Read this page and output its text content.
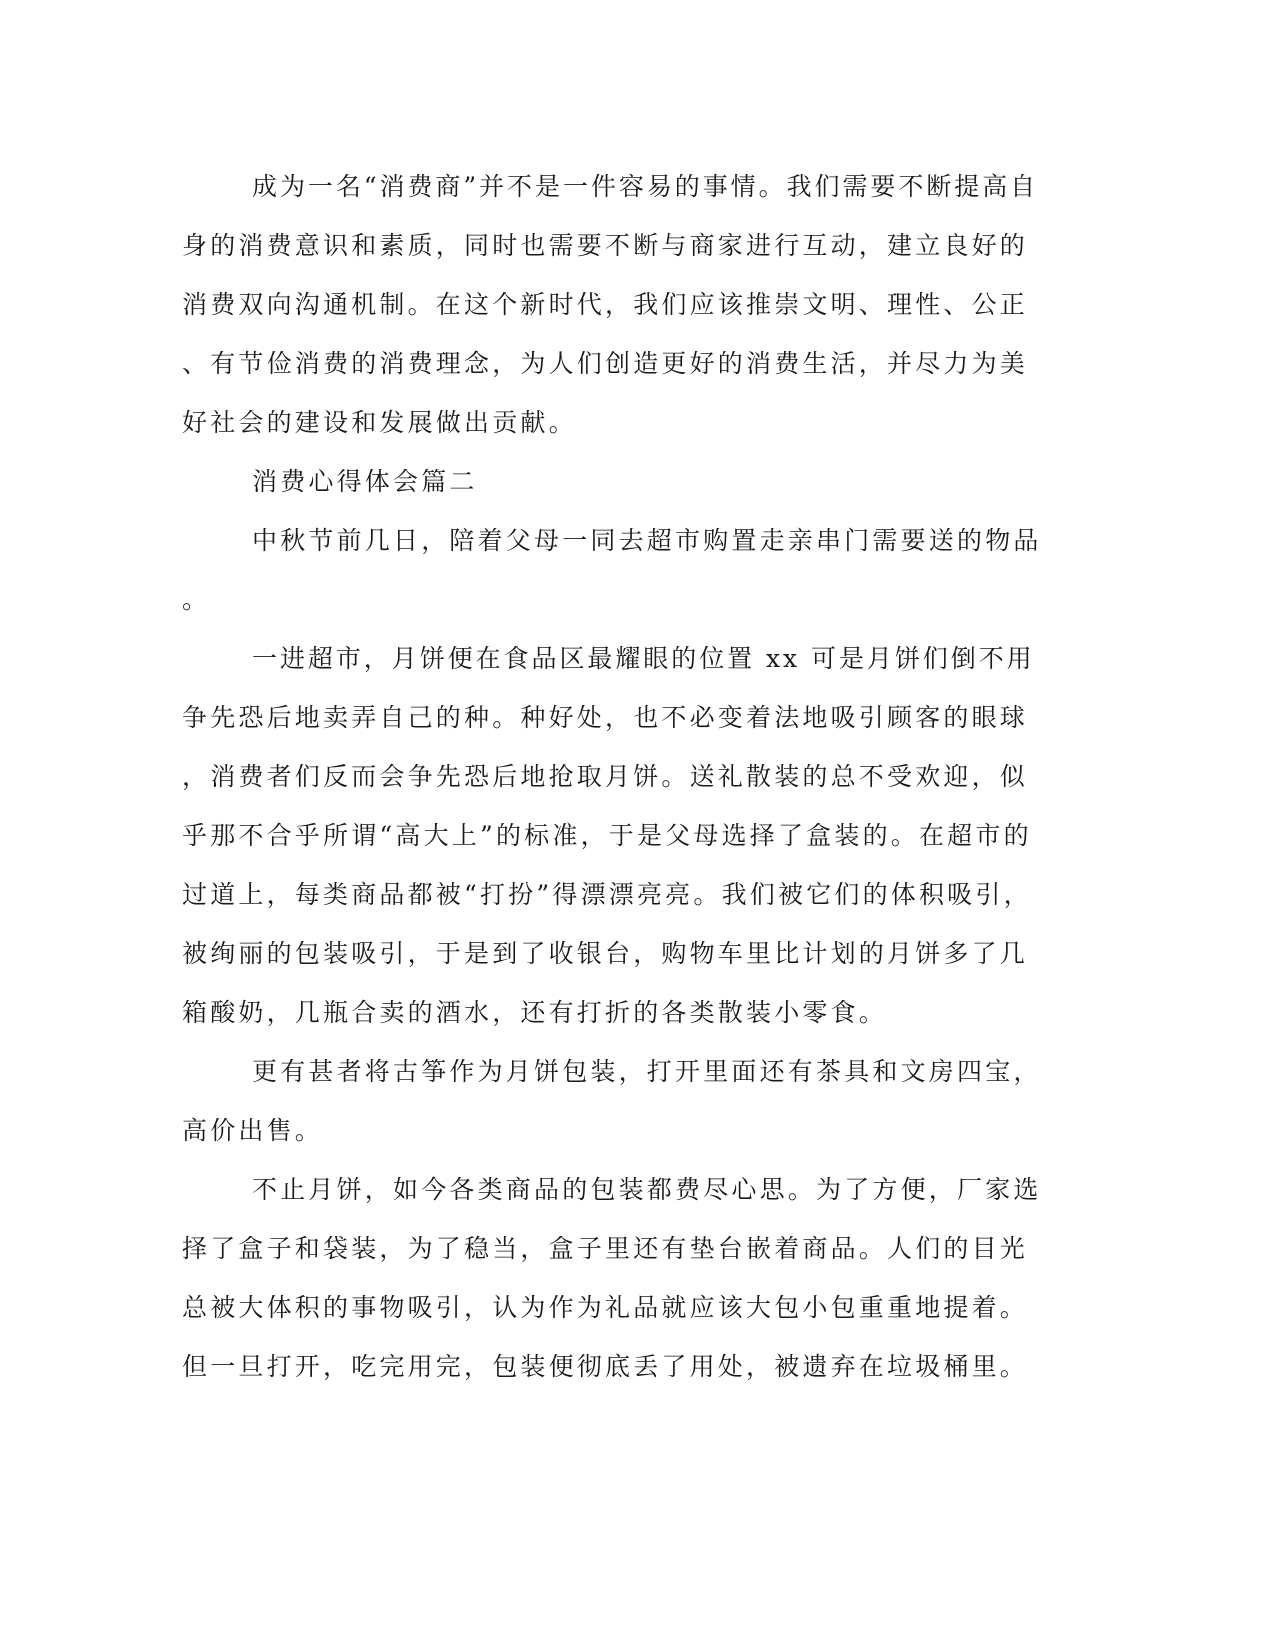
成为一名“消费商”并不是一件容易的事情。我们需要不断提高自
身的消费意识和素质，同时也需要不断与商家进行互动，建立良好的
消费双向沟通机制。在这个新时代，我们应该推崇文明、理性、公正
、有节俭消费的消费理念，为人们创造更好的消费生活，并尽力为美
好社会的建设和发展做出贡献。
消费心得体会篇二
中秋节前几日，陪着父母一同去超市购置走亲串门需要送的物品
。
一进超市，月饼便在食品区最耀眼的位置 xx 可是月饼们倒不用
争先恐后地卖弄自己的种。种好处，也不必变着法地吸引顾客的眼球
，消费者们反而会争先恐后地抢取月饼。送礼散装的总不受欢迎，似
乎那不合乎所谓“高大上”的标准，于是父母选择了盒装的。在超市的
过道上，每类商品都被“打扮”得漂漂亮亮。我们被它们的体积吸引，
被绚丽的包装吸引，于是到了收银台，购物车里比计划的月饼多了几
箱酸奶，几瓶合卖的酒水，还有打折的各类散装小零食。
更有甚者将古筝作为月饼包装，打开里面还有茶具和文房四宝，
高价出售。
不止月饼，如今各类商品的包装都费尽心思。为了方便，厂家选
择了盒子和袋装，为了稳当，盒子里还有垫台嵌着商品。人们的目光
总被大体积的事物吸引，认为作为礼品就应该大包小包重重地提着。
但一旦打开，吃完用完，包装便彻底丢了用处，被遗弃在垃圾桶里。
